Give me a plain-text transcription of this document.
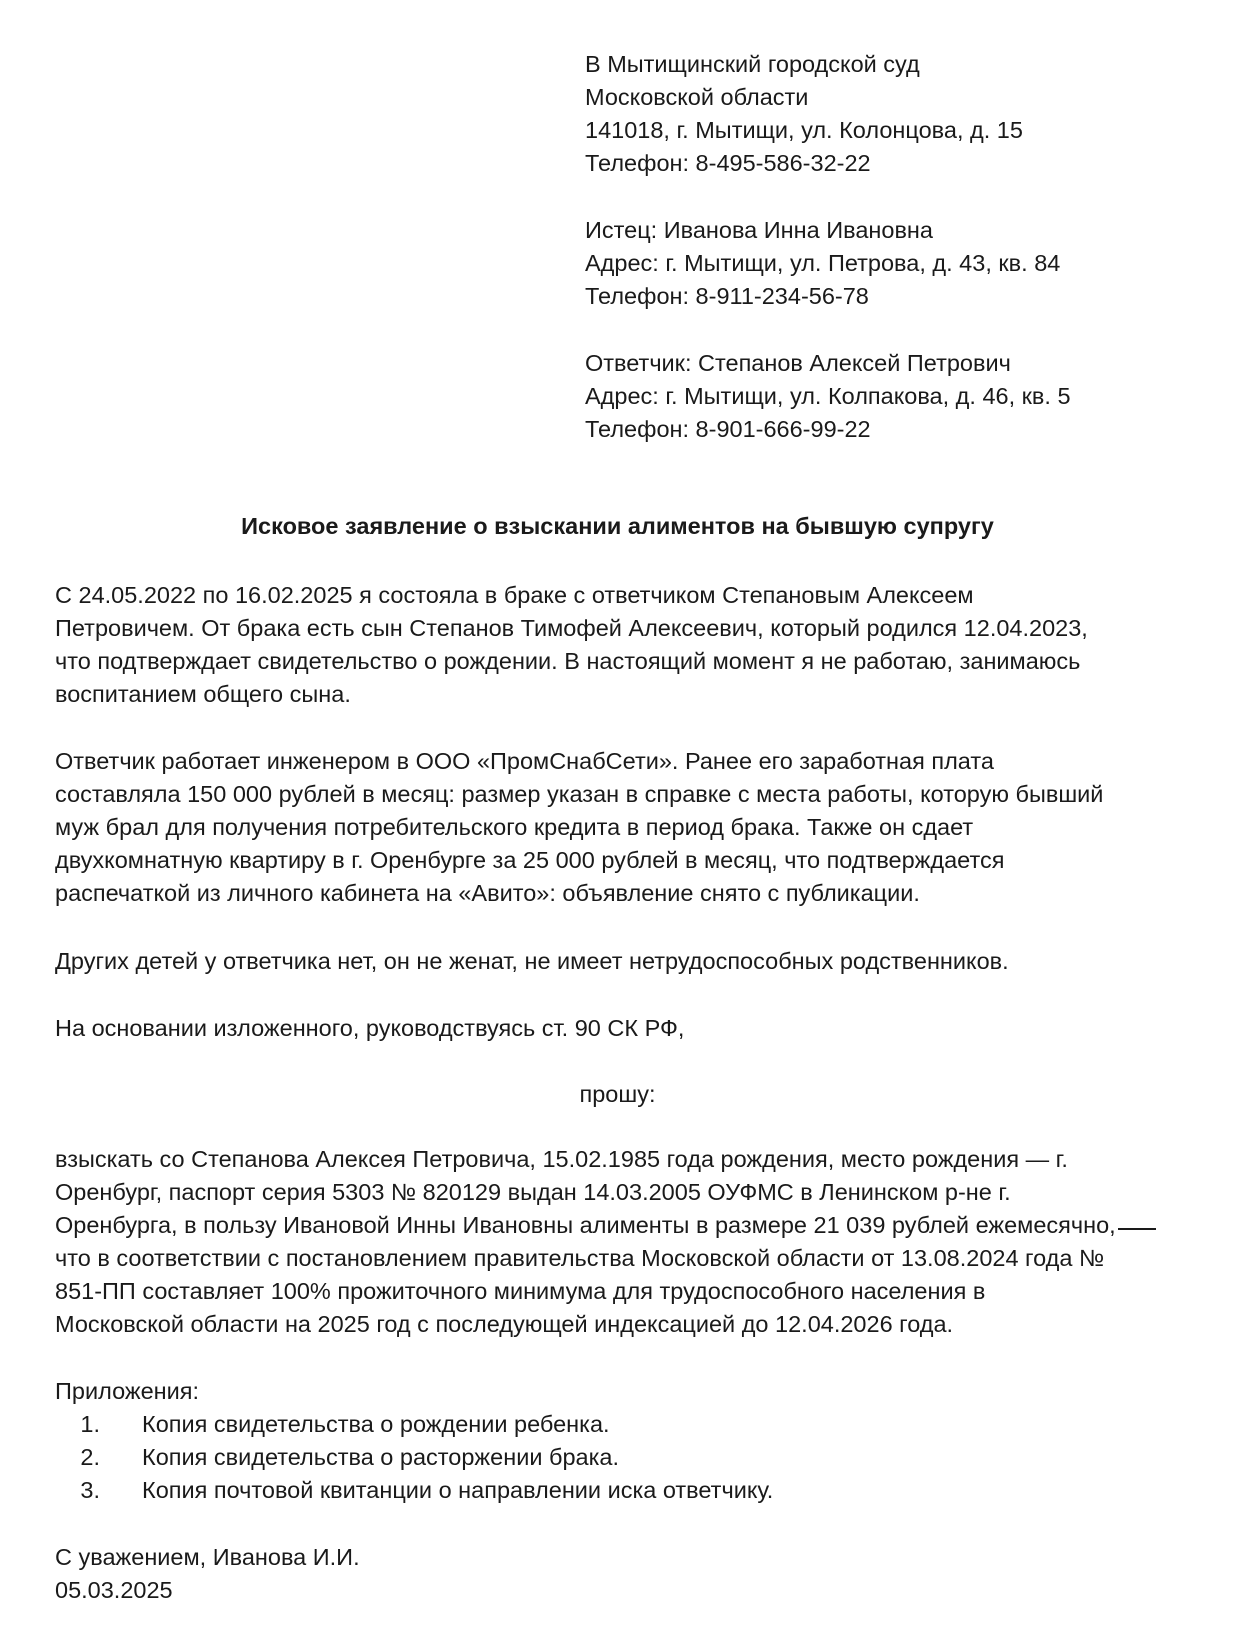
В Мытищинский городской суд
Московской области
141018, г. Мытищи, ул. Колонцова, д. 15
Телефон: 8-495-586-32-22
Истец: Иванова Инна Ивановна
Адрес: г. Мытищи, ул. Петрова, д. 43, кв. 84
Телефон: 8-911-234-56-78
Ответчик: Степанов Алексей Петрович
Адрес: г. Мытищи, ул. Колпакова, д. 46, кв. 5
Телефон: 8-901-666-99-22
Исковое заявление о взыскании алиментов на бывшую супругу
С 24.05.2022 по 16.02.2025 я состояла в браке с ответчиком Степановым Алексеем
Петровичем. От брака есть сын Степанов Тимофей Алексеевич, который родился 12.04.2023,
что подтверждает свидетельство о рождении. В настоящий момент я не работаю, занимаюсь
воспитанием общего сына.
Ответчик работает инженером в ООО «ПромСнабСети». Ранее его заработная плата
составляла 150 000 рублей в месяц: размер указан в справке с места работы, которую бывший
муж брал для получения потребительского кредита в период брака. Также он сдает
двухкомнатную квартиру в г. Оренбурге за 25 000 рублей в месяц, что подтверждается
распечаткой из личного кабинета на «Авито»: объявление снято с публикации.
Других детей у ответчика нет, он не женат, не имеет нетрудоспособных родственников.
На основании изложенного, руководствуясь ст. 90 СК РФ,
прошу:
взыскать со Степанова Алексея Петровича, 15.02.1985 года рождения, место рождения — г.
Оренбург, паспорт серия 5303 № 820129 выдан 14.03.2005 ОУФМС в Ленинском р-не г.
Оренбурга, в пользу Ивановой Инны Ивановны алименты в размере 21 039 рублей ежемесячно,
что в соответствии с постановлением правительства Московской области от 13.08.2024 года №
851-ПП составляет 100% прожиточного минимума для трудоспособного населения в
Московской области на 2025 год с последующей индексацией до 12.04.2026 года.
Приложения:
1. Копия свидетельства о рождении ребенка.
2. Копия свидетельства о расторжении брака.
3. Копия почтовой квитанции о направлении иска ответчику.
С уважением, Иванова И.И.
05.03.2025
